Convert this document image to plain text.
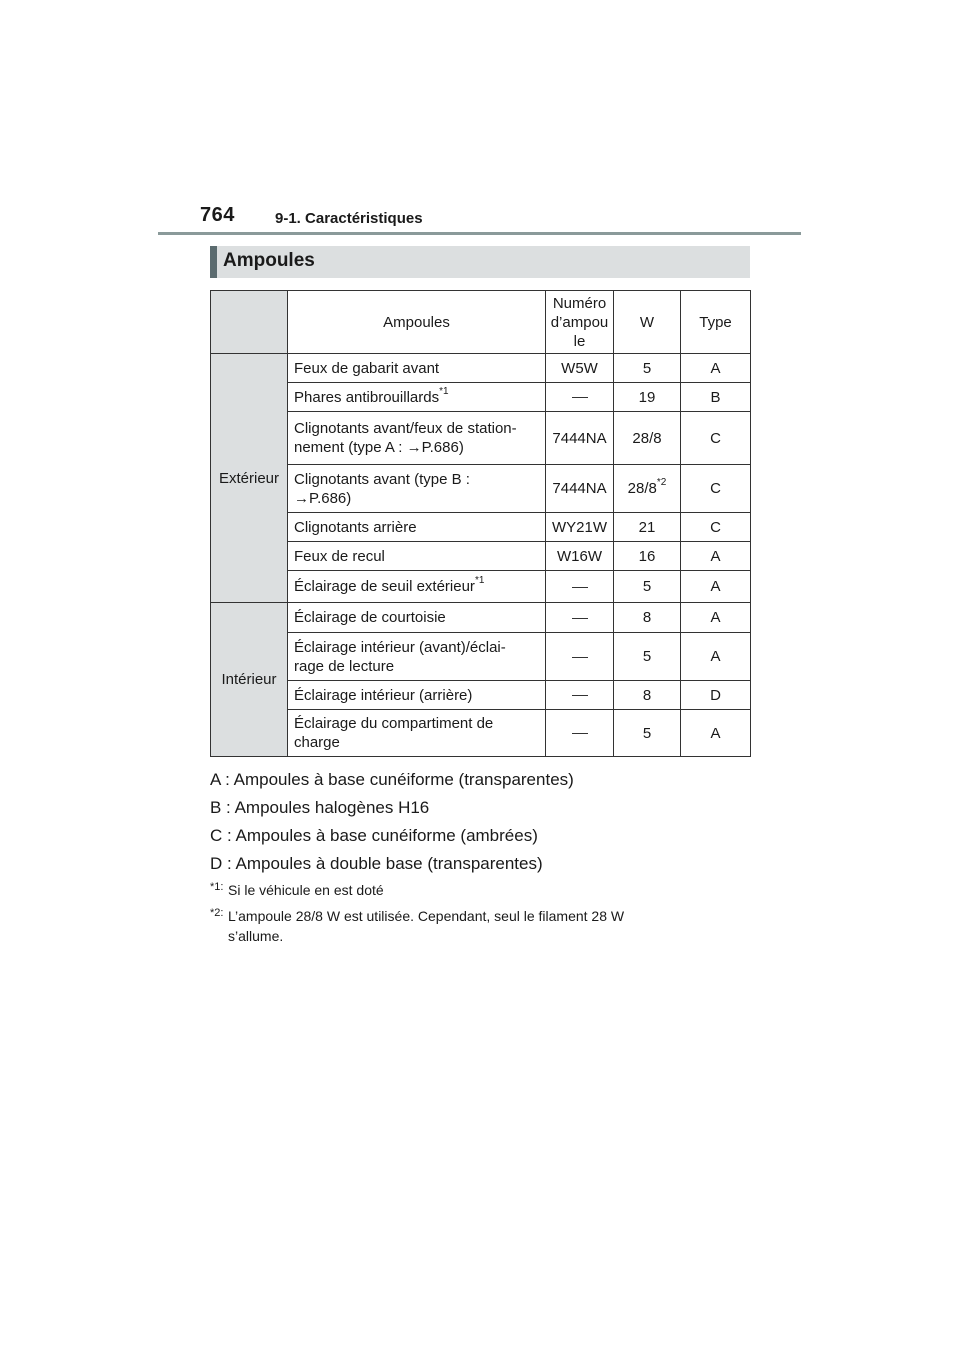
764	9-1. Caractéristiques
Ampoules
	Ampoules	Numéro
d’ampou
le	W	Type
Extérieur	Feux de gabarit avant	W5W	5	A
	Phares antibrouillards$^{*1}$		19	B
	Clignotants avant/feux de station-
nement (type A : →P.686)	7444NA	28/8	C
	Clignotants avant (type B :
→P.686)	7444NA	28/8$^{*2}$	C
	Clignotants arrière	WY21W	21	C
	Feux de recul	W16W	16	A
	Éclairage de seuil extérieur$^{*1}$		5	A
Intérieur	Éclairage de courtoisie		8	A
	Éclairage intérieur (avant)/éclai-
rage de lecture		5	A
	Éclairage intérieur (arrière)		8	D
	Éclairage du compartiment de
charge		5	A
A : Ampoules à base cunéiforme (transparentes)
B : Ampoules halogènes H16
C : Ampoules à base cunéiforme (ambrées)
D : Ampoules à double base (transparentes)
*1: Si le véhicule en est doté
*2: L’ampoule 28/8 W est utilisée. Cependant, seul le filament 28 W
s’allume.
